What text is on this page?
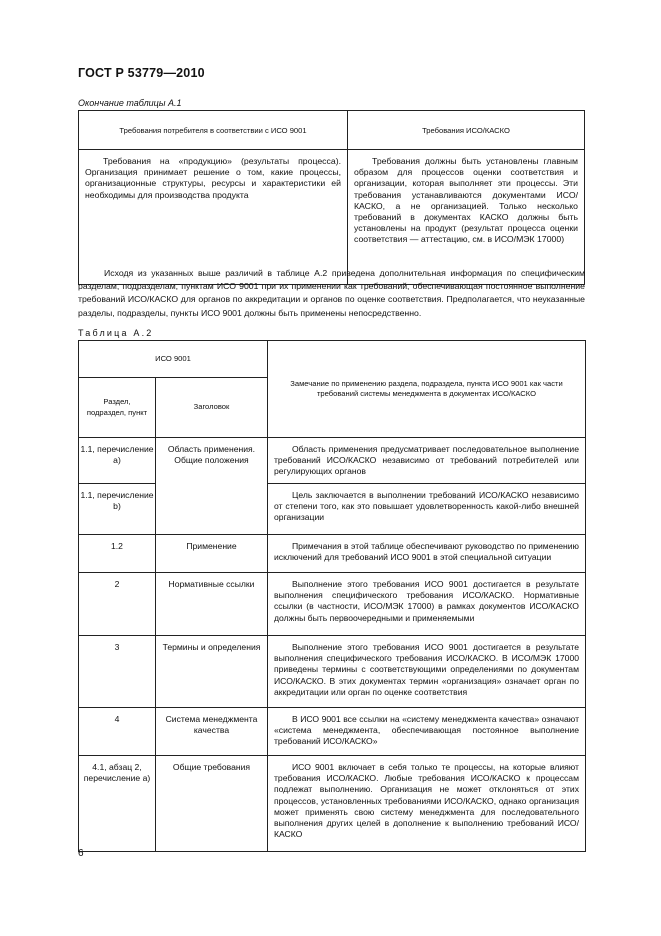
ГОСТ Р 53779—2010
Окончание таблицы А.1
Требования потребителя в соответствии с ИСО 9001	Требования ИСО/КАСКО
Требования на «продукцию» (результаты процесса). Организация принимает решение о том, какие процессы, организационные структуры, ресурсы и характеристики ей необходимы для производства продукта	Требования должны быть установлены главным образом для процессов оценки соответствия и организации, которая выполняет эти процессы. Эти требования устанавливаются документами ИСО/КАСКО, а не организацией. Только несколько требований в документах КАСКО должны быть установлены на продукт (результат процесса оценки соответствия — аттестацию, см. в ИСО/МЭК 17000)
Исходя из указанных выше различий в таблице А.2 приведена дополнительная информация по специфическим разделам, подразделам, пунктам ИСО 9001 при их применении как требований, обеспечивающая постоянное выполнение требований ИСО/КАСКО для органов по аккредитации и органов по оценке соответствия. Предполагается, что неуказанные разделы, подразделы, пункты ИСО 9001 должны быть применены непосредственно.
Таблица А.2
ИСО 9001		Замечание по применению раздела, подраздела, пункта ИСО 9001 как части требований системы менеджмента в документах ИСО/КАСКО
Раздел, подраздел, пункт	Заголовок	
1.1, перечисление a)	Область применения. Общие положения	Область применения предусматривает последовательное выполнение требований ИСО/КАСКО независимо от требований потребителей или регулирующих органов
1.1, перечисление b)		Цель заключается в выполнении требований ИСО/КАСКО независимо от степени того, как это повышает удовлетворенность какой-либо внешней организации
1.2	Применение	Примечания в этой таблице обеспечивают руководство по применению исключений для требований ИСО 9001 в этой специальной ситуации
2	Нормативные ссылки	Выполнение этого требования ИСО 9001 достигается в результате выполнения специфического требования ИСО/КАСКО. Нормативные ссылки (в частности, ИСО/МЭК 17000) в рамках документов ИСО/КАСКО должны быть первоочередными и применяемыми
3	Термины и определения	Выполнение этого требования ИСО 9001 достигается в результате выполнения специфического требования ИСО/КАСКО. В ИСО/МЭК 17000 приведены термины с соответствующими определениями по документам ИСО/КАСКО. В этих документах термин «организация» означает орган по аккредитации или орган по оценке соответствия
4	Система менеджмента качества	В ИСО 9001 все ссылки на «систему менеджмента качества» означают «система менеджмента, обеспечивающая постоянное выполнение требований ИСО/КАСКО»
4.1, абзац 2, перечисление a)	Общие требования	ИСО 9001 включает в себя только те процессы, на которые влияют требования ИСО/КАСКО. Любые требования ИСО/КАСКО к процессам подлежат выполнению. Организация не может отклоняться от этих процессов, установленных требованиями ИСО/КАСКО, однако организация может применять свою систему менеджмента для последовательного выполнения других целей в дополнение к выполнению требований ИСО/КАСКО
6
